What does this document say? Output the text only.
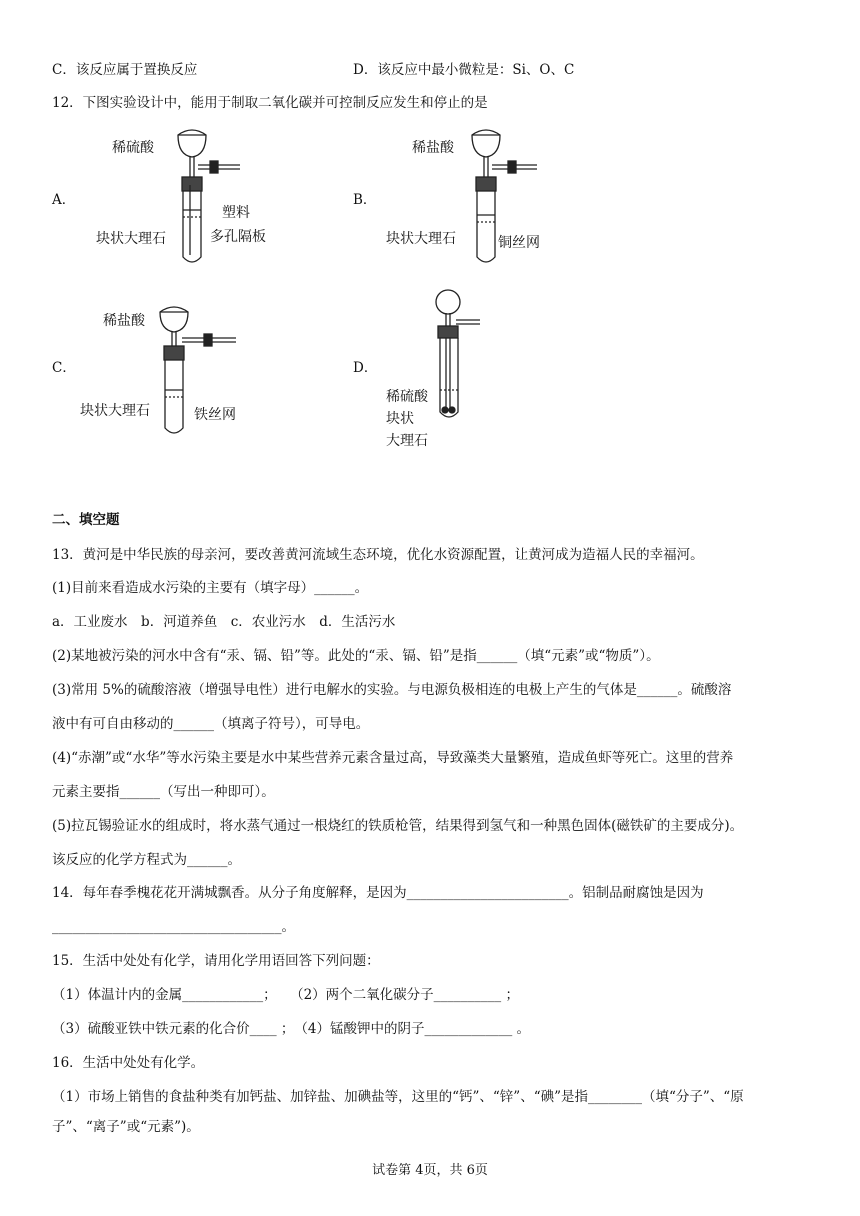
C．该反应属于置换反应	D．该反应中最小微粒是：Si、O、C
12．下图实验设计中，能用于制取二氧化碳并可控制反应发生和停止的是
A．
稀硫酸
塑料
多孔隔板
块状大理石
B．
稀盐酸
块状大理石	铜丝网
C．
稀盐酸
块状大理石	铁丝网
D．
稀硫酸
块状
大理石
二、填空题
13．黄河是中华民族的母亲河，要改善黄河流域生态环境，优化水资源配置，让黄河成为造福人民的幸福河。
(1)目前来看造成水污染的主要有（填字母）______。
a．工业废水　b．河道养鱼　c．农业污水　d．生活污水
(2)某地被污染的河水中含有“汞、镉、铅”等。此处的“汞、镉、铅”是指______（填“元素”或“物质”）。
(3)常用 5%的硫酸溶液（增强导电性）进行电解水的实验。与电源负极相连的电极上产生的气体是______。硫酸溶
液中有可自由移动的______（填离子符号），可导电。
(4)“赤潮”或“水华”等水污染主要是水中某些营养元素含量过高，导致藻类大量繁殖，造成鱼虾等死亡。这里的营养
元素主要指______（写出一种即可）。
(5)拉瓦锡验证水的组成时，将水蒸气通过一根烧红的铁质枪管，结果得到氢气和一种黑色固体(磁铁矿的主要成分)。
该反应的化学方程式为______。
14．每年春季槐花花开满城飘香。从分子角度解释，是因为________________________。铝制品耐腐蚀是因为
__________________________________。
15．生活中处处有化学，请用化学用语回答下列问题：
（1）体温计内的金属____________；　　（2）两个二氧化碳分子__________ ；
（3）硫酸亚铁中铁元素的化合价____ ；　（4）锰酸钾中的阴子_____________ 。
16．生活中处处有化学。
（1）市场上销售的食盐种类有加钙盐、加锌盐、加碘盐等，这里的“钙”、“锌”、“碘”是指________（填“分子”、“原
子”、“离子”或“元素”)。
试卷第 4页，共 6页
